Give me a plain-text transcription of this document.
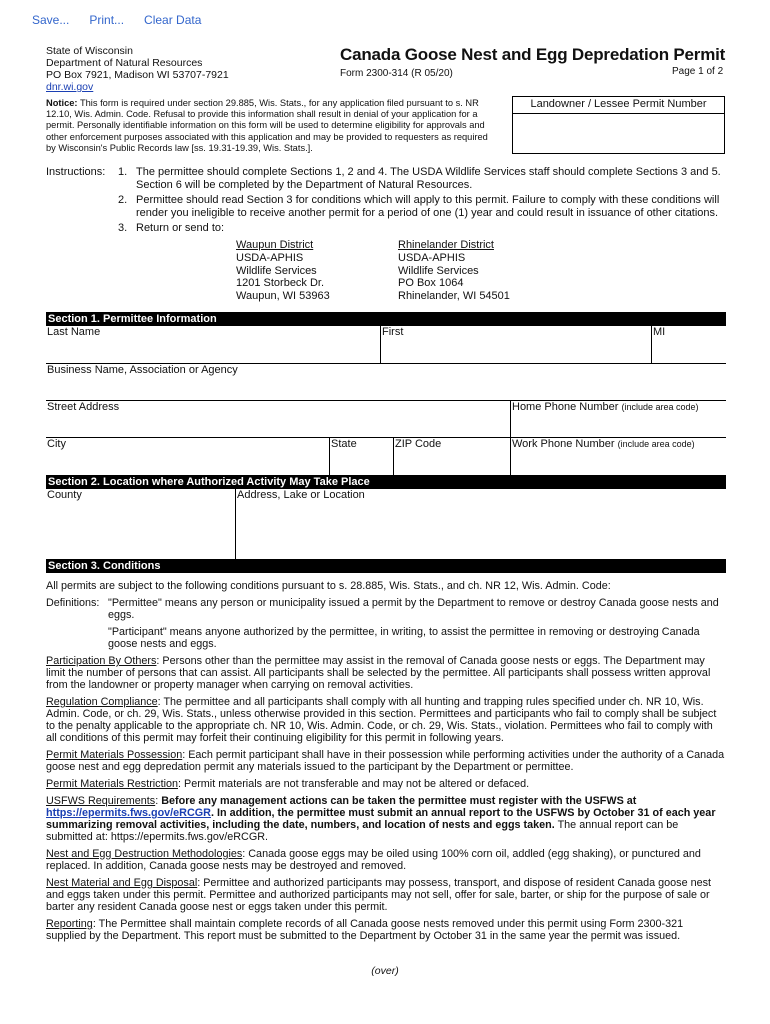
Save... Print... Clear Data
State of Wisconsin
Department of Natural Resources
PO Box 7921, Madison WI 53707-7921
dnr.wi.gov
Canada Goose Nest and Egg Depredation Permit
Form 2300-314 (R 05/20)	Page 1 of 2
Notice: This form is required under section 29.885, Wis. Stats., for any application filed pursuant to s. NR 12.10, Wis. Admin. Code. Refusal to provide this information shall result in denial of your application for a permit. Personally identifiable information on this form will be used to determine eligibility for approvals and other enforcement purposes associated with this application and may be provided to requesters as required by Wisconsin's Public Records law [ss. 19.31-19.39, Wis. Stats.].
Landowner / Lessee Permit Number
Instructions: 1. The permittee should complete Sections 1, 2 and 4. The USDA Wildlife Services staff should complete Sections 3 and 5. Section 6 will be completed by the Department of Natural Resources.
2. Permittee should read Section 3 for conditions which will apply to this permit. Failure to comply with these conditions will render you ineligible to receive another permit for a period of one (1) year and could result in issuance of other citations.
3. Return or send to:
Waupun District
USDA-APHIS
Wildlife Services
1201 Storbeck Dr.
Waupun, WI 53963
Rhinelander District
USDA-APHIS
Wildlife Services
PO Box 1064
Rhinelander, WI 54501
Section 1. Permittee Information
Last Name	First	MI
Business Name, Association or Agency
Street Address	Home Phone Number (include area code)
City	State	ZIP Code	Work Phone Number (include area code)
Section 2. Location where Authorized Activity May Take Place
County	Address, Lake or Location
Section 3. Conditions

All permits are subject to the following conditions pursuant to s. 28.885, Wis. Stats., and ch. NR 12, Wis. Admin. Code:

Definitions: "Permittee" means any person or municipality issued a permit by the Department to remove or destroy Canada goose nests and eggs.
"Participant" means anyone authorized by the permittee, in writing, to assist the permittee in removing or destroying Canada goose nests and eggs.

Participation By Others: Persons other than the permittee may assist in the removal of Canada goose nests or eggs. The Department may limit the number of persons that can assist. All participants shall be selected by the permittee. All participants shall possess written approval from the landowner or property manager when carrying on removal activities.

Regulation Compliance: The permittee and all participants shall comply with all hunting and trapping rules specified under ch. NR 10, Wis. Admin. Code, or ch. 29, Wis. Stats., unless otherwise provided in this section. Permittees and participants who fail to comply shall be subject to the penalty applicable to the appropriate ch. NR 10, Wis. Admin. Code, or ch. 29, Wis. Stats., violation. Permittees who fail to comply with all conditions of this permit may forfeit their continuing eligibility for this permit in following years.

Permit Materials Possession: Each permit participant shall have in their possession while performing activities under the authority of a Canada goose nest and egg depredation permit any materials issued to the participant by the Department or permittee.

Permit Materials Restriction: Permit materials are not transferable and may not be altered or defaced.

USFWS Requirements: Before any management actions can be taken the permittee must register with the USFWS at https://epermits.fws.gov/eRCGR. In addition, the permittee must submit an annual report to the USFWS by October 31 of each year summarizing removal activities, including the date, numbers, and location of nests and eggs taken. The annual report can be submitted at: https://epermits.fws.gov/eRCGR.

Nest and Egg Destruction Methodologies: Canada goose eggs may be oiled using 100% corn oil, addled (egg shaking), or punctured and replaced. In addition, Canada goose nests may be destroyed and removed.

Nest Material and Egg Disposal: Permittee and authorized participants may possess, transport, and dispose of resident Canada goose nest and eggs taken under this permit. Permittee and authorized participants may not sell, offer for sale, barter, or ship for the purpose of sale or barter any resident Canada goose nest or eggs taken under this permit.

Reporting: The Permittee shall maintain complete records of all Canada goose nests removed under this permit using Form 2300-321 supplied by the Department. This report must be submitted to the Department by October 31 in the same year the permit was issued.

(over)
